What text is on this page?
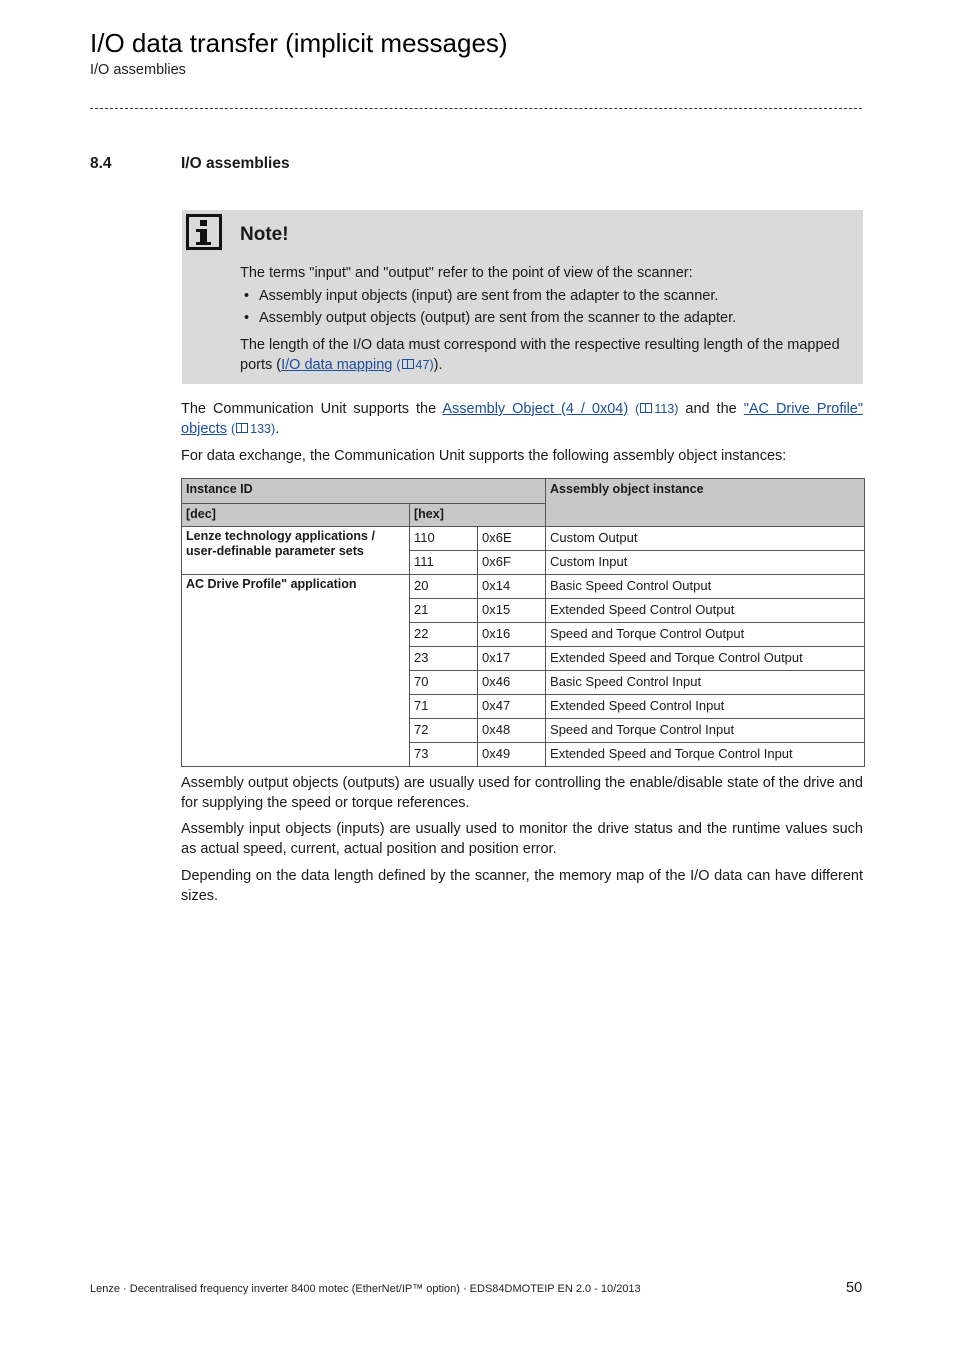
I/O data transfer (implicit messages)
I/O assemblies
8.4	I/O assemblies
Note!
The terms "input" and "output" refer to the point of view of the scanner:
• Assembly input objects (input) are sent from the adapter to the scanner.
• Assembly output objects (output) are sent from the scanner to the adapter.
The length of the I/O data must correspond with the respective resulting length of the mapped ports (I/O data mapping ( 47)).
The Communication Unit supports the Assembly Object (4 / 0x04) ( 113) and the "AC Drive Profile" objects ( 133).
For data exchange, the Communication Unit supports the following assembly object instances:
Instance ID			Assembly object instance
[dec]	[hex]		
Lenze technology applications / user-definable parameter sets	110	0x6E	Custom Output
	111	0x6F	Custom Input
AC Drive Profile" application	20	0x14	Basic Speed Control Output
	21	0x15	Extended Speed Control Output
	22	0x16	Speed and Torque Control Output
	23	0x17	Extended Speed and Torque Control Output
	70	0x46	Basic Speed Control Input
	71	0x47	Extended Speed Control Input
	72	0x48	Speed and Torque Control Input
	73	0x49	Extended Speed and Torque Control Input
Assembly output objects (outputs) are usually used for controlling the enable/disable state of the drive and for supplying the speed or torque references.
Assembly input objects (inputs) are usually used to monitor the drive status and the runtime values such as actual speed, current, actual position and position error.
Depending on the data length defined by the scanner, the memory map of the I/O data can have different sizes.
Lenze · Decentralised frequency inverter 8400 motec (EtherNet/IP™ option) · EDS84DMOTEIP EN 2.0 - 10/2013	50
